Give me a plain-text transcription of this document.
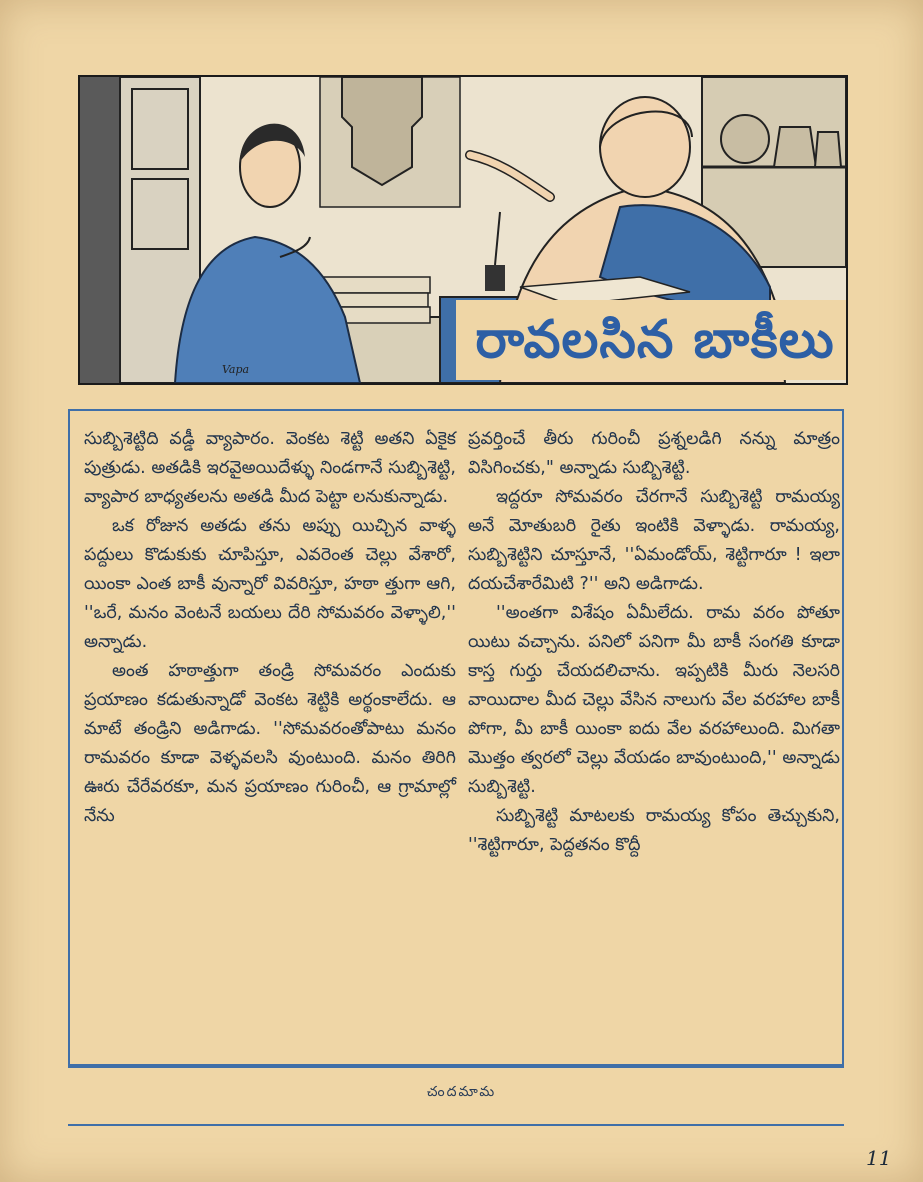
Vapa	రావలసిన బాకీలు

సుబ్బిశెట్టిది వడ్డీ వ్యాపారం. వెంకట శెట్టి అతని ఏకైక పుత్రుడు. అతడికి ఇరవైఅయిదేళ్ళు నిండగానే సుబ్బిశెట్టి, వ్యాపార బాధ్యతలను అతడి మీద పెట్టా లనుకున్నాడు.

ఒక రోజున అతడు తను అప్పు యిచ్చిన వాళ్ళ పద్దులు కొడుకుకు చూపిస్తూ, ఎవరెంత చెల్లు వేశారో, యింకా ఎంత బాకీ వున్నారో వివరిస్తూ, హఠా త్తుగా ఆగి, ''ఒరే, మనం వెంటనే బయలు దేరి సోమవరం వెళ్ళాలి,'' అన్నాడు.

అంత హఠాత్తుగా తండ్రి సోమవరం ఎందుకు ప్రయాణం కడుతున్నాడో వెంకట శెట్టికి అర్థంకాలేదు. ఆ మాటే తండ్రిని అడిగాడు. ''సోమవరంతోపాటు మనం రామవరం కూడా వెళ్ళవలసి వుంటుంది. మనం తిరిగి ఊరు చేరేవరకూ, మన ప్రయాణం గురించీ, ఆ గ్రామాల్లో నేను

ప్రవర్తించే తీరు గురించీ ప్రశ్నలడిగి నన్ను మాత్రం విసిగించకు," అన్నాడు సుబ్బిశెట్టి.

ఇద్దరూ సోమవరం చేరగానే సుబ్బిశెట్టి రామయ్య అనే మోతుబరి రైతు ఇంటికి వెళ్ళాడు. రామయ్య, సుబ్బిశెట్టిని చూస్తూనే, ''ఏమండోయ్, శెట్టిగారూ ! ఇలా దయచేశారేమిటి ?'' అని అడిగాడు.

''అంతగా విశేషం ఏమీలేదు. రామ వరం పోతూ యిటు వచ్చాను. పనిలో పనిగా మీ బాకీ సంగతి కూడా కాస్త గుర్తు చేయదలిచాను. ఇప్పటికి మీరు నెలసరి వాయిదాల మీద చెల్లు వేసిన నాలుగు వేల వరహాల బాకీ పోగా, మీ బాకీ యింకా ఐదు వేల వరహాలుంది. మిగతా మొత్తం త్వరలో చెల్లు వేయడం బావుంటుంది,'' అన్నాడు సుబ్బిశెట్టి.

సుబ్బిశెట్టి మాటలకు రామయ్య కోపం తెచ్చుకుని, ''శెట్టిగారూ, పెద్దతనం కొద్దీ

చందమామ
11
